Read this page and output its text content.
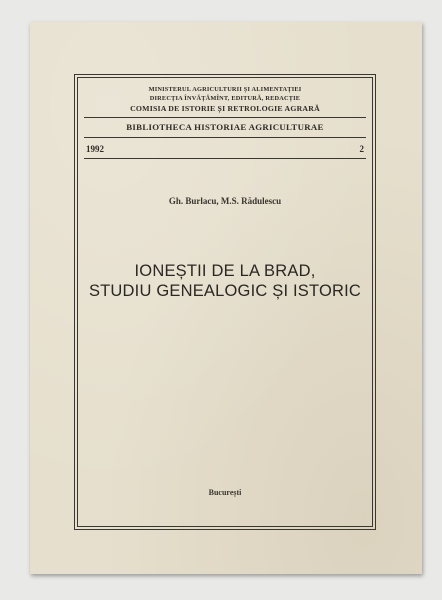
MINISTERUL AGRICULTURII ȘI ALIMENTAȚIEI
DIRECȚIA ÎNVĂȚĂMÎNT, EDITURĂ, REDACȚIE
COMISIA DE ISTORIE ȘI RETROLOGIE AGRARĂ
BIBLIOTHECA HISTORIAE AGRICULTURAE
1992	2
Gh. Burlacu, M.S. Rădulescu
IONEȘTII DE LA BRAD,
STUDIU GENEALOGIC ȘI ISTORIC
București
